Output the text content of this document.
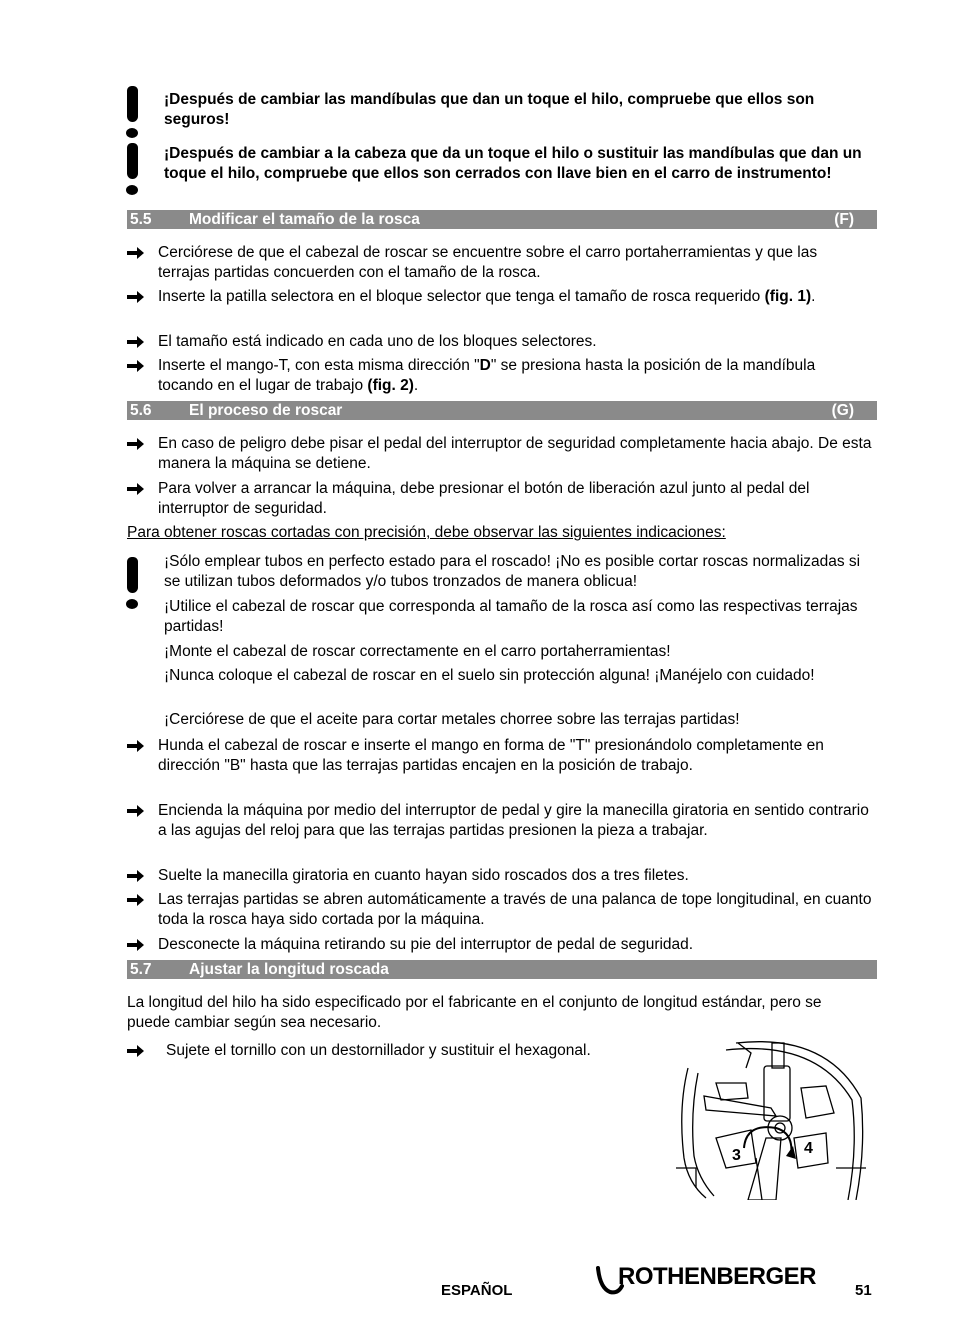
¡Después de cambiar las mandíbulas que dan un toque el hilo, compruebe que ellos son seguros!
¡Después de cambiar a la cabeza que da un toque el hilo o sustituir las mandíbulas que dan un toque el hilo, compruebe que ellos son cerrados con llave bien en el carro de instrumento!
5.5 Modificar el tamaño de la rosca	(F)
Cerciórese de que el cabezal de roscar se encuentre sobre el carro portaherramientas y que las terrajas partidas concuerden con el tamaño de la rosca.
Inserte la patilla selectora en el bloque selector que tenga el tamaño de rosca requerido (fig. 1).
El tamaño está indicado en cada uno de los bloques selectores.
Inserte el mango-T, con esta misma dirección "D" se presiona hasta la posición de la mandíbula tocando en el lugar de trabajo (fig. 2).
5.6 El proceso de roscar	(G)
En caso de peligro debe pisar el pedal del interruptor de seguridad completamente hacia abajo. De esta manera la máquina se detiene.
Para volver a arrancar la máquina, debe presionar el botón de liberación azul junto al pedal del interruptor de seguridad.
Para obtener roscas cortadas con precisión, debe observar las siguientes indicaciones:
¡Sólo emplear tubos en perfecto estado para el roscado! ¡No es posible cortar roscas normalizadas si se utilizan tubos deformados y/o tubos tronzados de manera oblicua!
¡Utilice el cabezal de roscar que corresponda al tamaño de la rosca así como las respectivas terrajas partidas!
¡Monte el cabezal de roscar correctamente en el carro portaherramientas!
¡Nunca coloque el cabezal de roscar en el suelo sin protección alguna! ¡Manéjelo con cuidado!
¡Cerciórese de que el aceite para cortar metales chorree sobre las terrajas partidas!
Hunda el cabezal de roscar e inserte el mango en forma de "T" presionándolo completamente en dirección "B" hasta que las terrajas partidas encajen en la posición de trabajo.
Encienda la máquina por medio del interruptor de pedal y gire la manecilla giratoria en sentido contrario a las agujas del reloj para que las terrajas partidas presionen la pieza a trabajar.
Suelte la manecilla giratoria en cuanto hayan sido roscados dos a tres filetes.
Las terrajas partidas se abren automáticamente a través de una palanca de tope longitudinal, en cuanto toda la rosca haya sido cortada por la máquina.
Desconecte la máquina retirando su pie del interruptor de pedal de seguridad.
5.7 Ajustar la longitud roscada
La longitud del hilo ha sido especificado por el fabricante en el conjunto de longitud estándar, pero se puede cambiar según sea necesario.
Sujete el tornillo con un destornillador y sustituir el hexagonal.
3	4
ESPAÑOL
ROTHENBERGER
51
